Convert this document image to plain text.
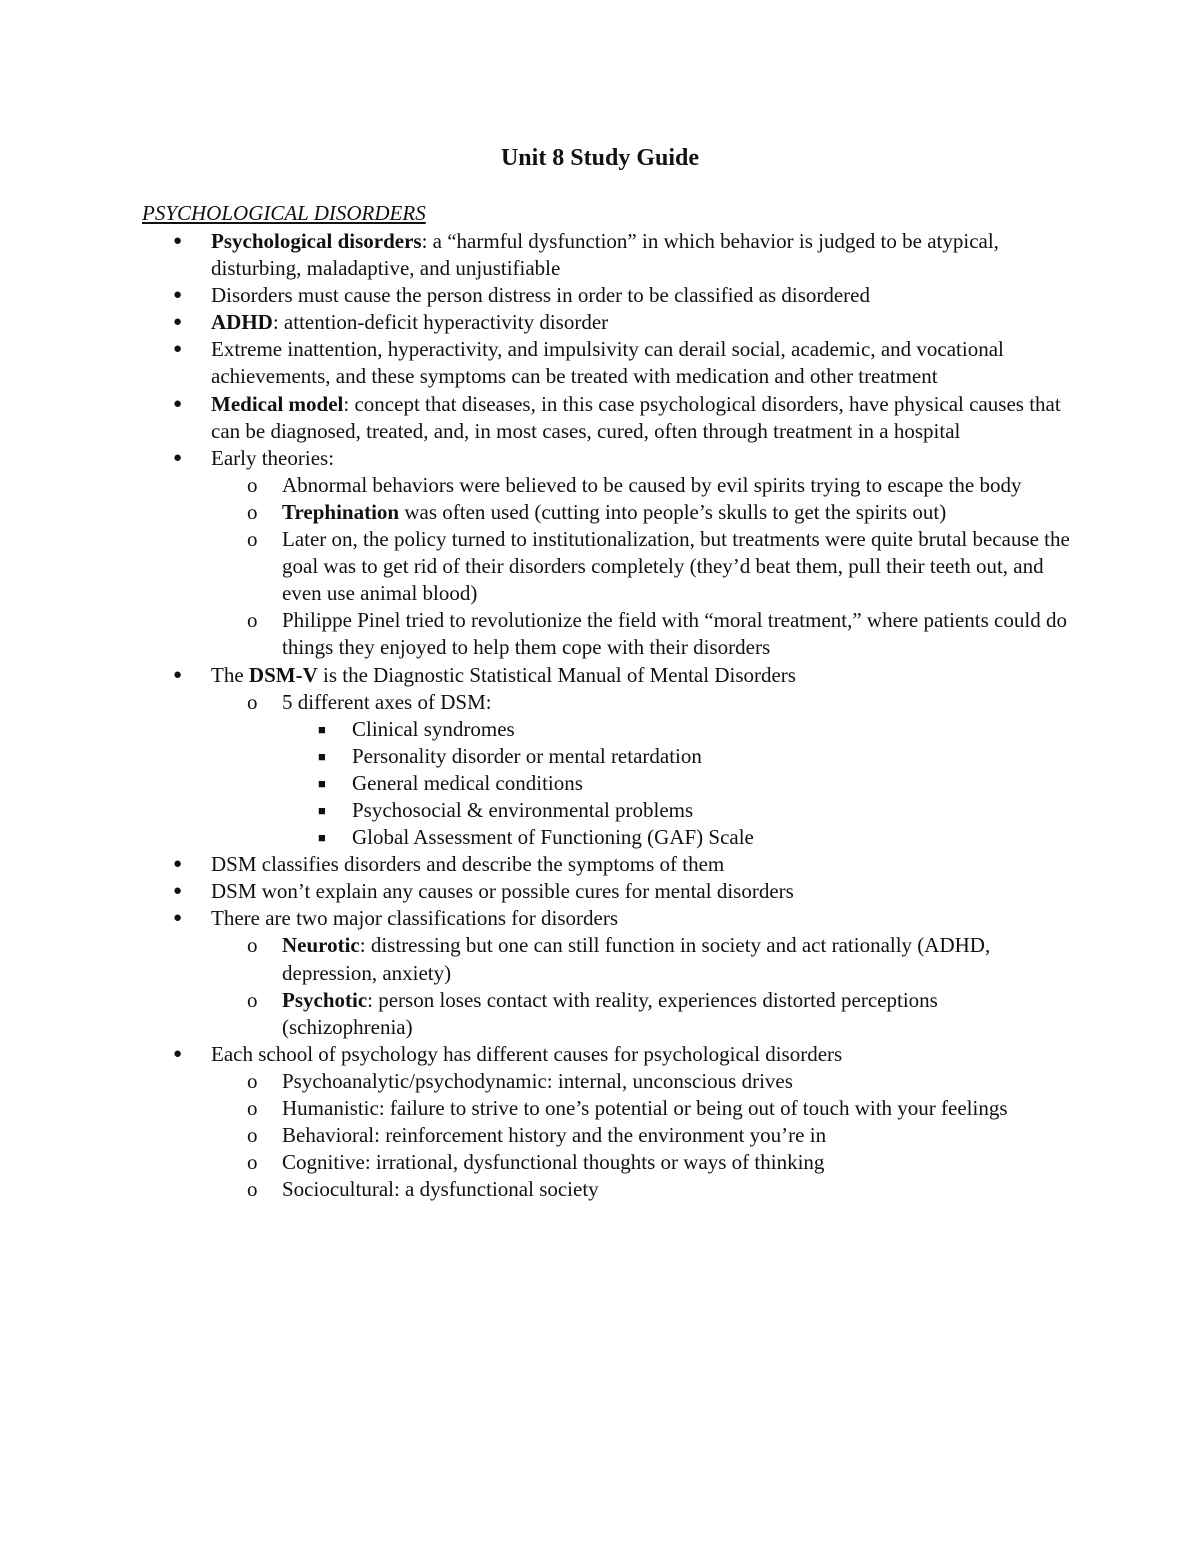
Unit 8 Study Guide
PSYCHOLOGICAL DISORDERS
● Psychological disorders: a “harmful dysfunction” in which behavior is judged to be atypical, disturbing, maladaptive, and unjustifiable
● Disorders must cause the person distress in order to be classified as disordered
● ADHD: attention-deficit hyperactivity disorder
● Extreme inattention, hyperactivity, and impulsivity can derail social, academic, and vocational achievements, and these symptoms can be treated with medication and other treatment
● Medical model: concept that diseases, in this case psychological disorders, have physical causes that can be diagnosed, treated, and, in most cases, cured, often through treatment in a hospital
● Early theories:
o Abnormal behaviors were believed to be caused by evil spirits trying to escape the body
o Trephination was often used (cutting into people’s skulls to get the spirits out)
o Later on, the policy turned to institutionalization, but treatments were quite brutal because the goal was to get rid of their disorders completely (they’d beat them, pull their teeth out, and even use animal blood)
o Philippe Pinel tried to revolutionize the field with “moral treatment,” where patients could do things they enjoyed to help them cope with their disorders
● The DSM-V is the Diagnostic Statistical Manual of Mental Disorders
o 5 different axes of DSM:
■ Clinical syndromes
■ Personality disorder or mental retardation
■ General medical conditions
■ Psychosocial & environmental problems
■ Global Assessment of Functioning (GAF) Scale
● DSM classifies disorders and describe the symptoms of them
● DSM won’t explain any causes or possible cures for mental disorders
● There are two major classifications for disorders
o Neurotic: distressing but one can still function in society and act rationally (ADHD, depression, anxiety)
o Psychotic: person loses contact with reality, experiences distorted perceptions (schizophrenia)
● Each school of psychology has different causes for psychological disorders
o Psychoanalytic/psychodynamic: internal, unconscious drives
o Humanistic: failure to strive to one’s potential or being out of touch with your feelings
o Behavioral: reinforcement history and the environment you’re in
o Cognitive: irrational, dysfunctional thoughts or ways of thinking
o Sociocultural: a dysfunctional society
